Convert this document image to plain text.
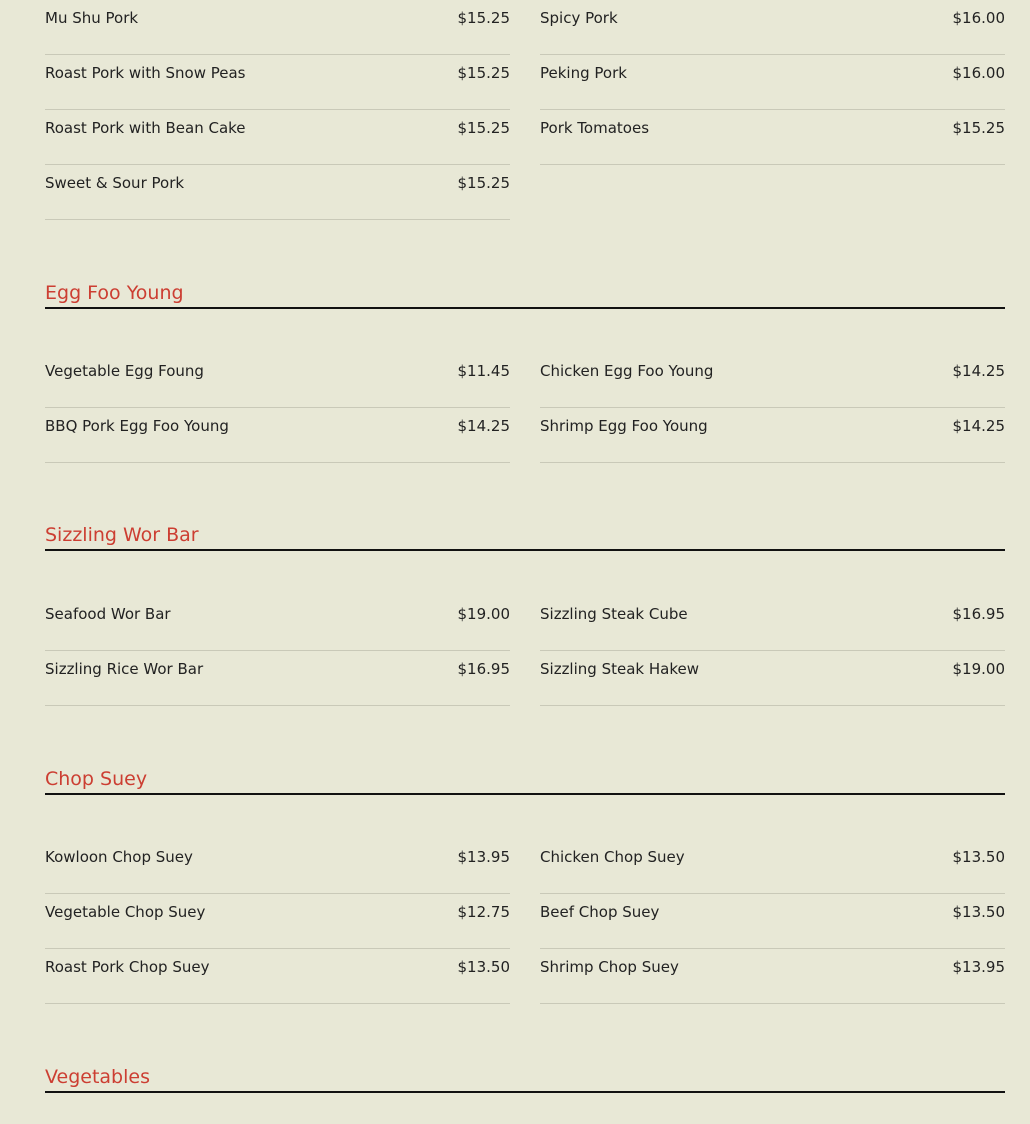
Mu Shu Pork	$15.25
Roast Pork with Snow Peas	$15.25
Roast Pork with Bean Cake	$15.25
Sweet & Sour Pork	$15.25
Spicy Pork	$16.00
Peking Pork	$16.00
Pork Tomatoes	$15.25
Egg Foo Young
Vegetable Egg Foung	$11.45
BBQ Pork Egg Foo Young	$14.25
Chicken Egg Foo Young	$14.25
Shrimp Egg Foo Young	$14.25
Sizzling Wor Bar
Seafood Wor Bar	$19.00
Sizzling Rice Wor Bar	$16.95
Sizzling Steak Cube	$16.95
Sizzling Steak Hakew	$19.00
Chop Suey
Kowloon Chop Suey	$13.95
Vegetable Chop Suey	$12.75
Roast Pork Chop Suey	$13.50
Chicken Chop Suey	$13.50
Beef Chop Suey	$13.50
Shrimp Chop Suey	$13.95
Vegetables
